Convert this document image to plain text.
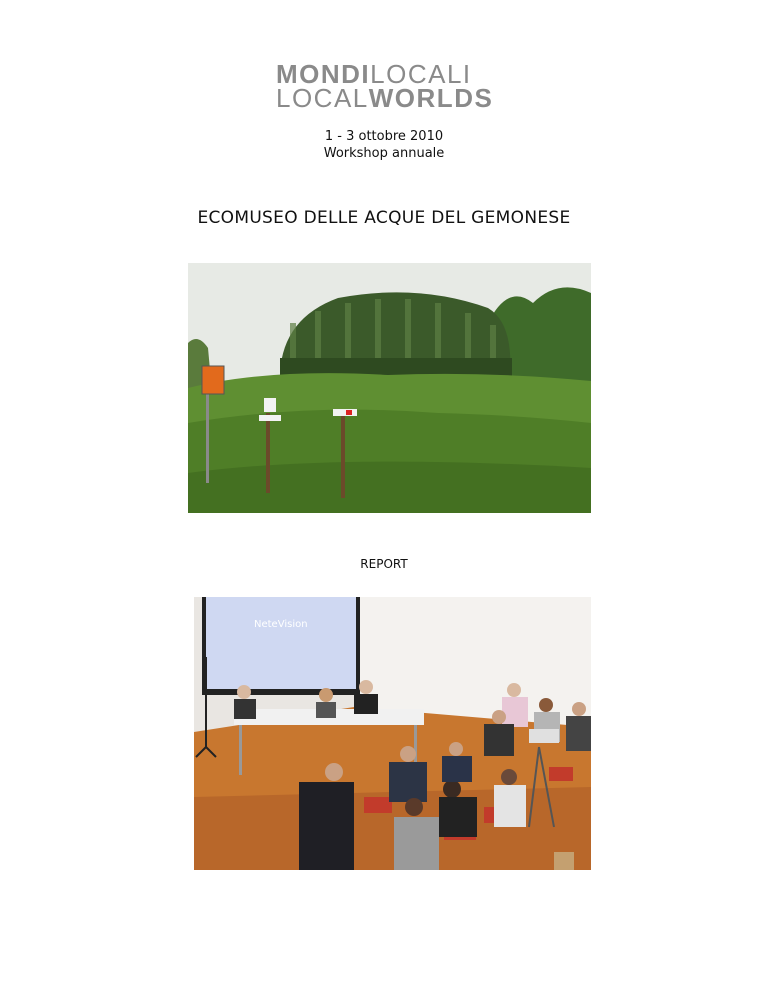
MONDILOCALI
LOCALWORLDS
1 - 3 ottobre 2010
Workshop annuale
ECOMUSEO DELLE ACQUE DEL GEMONESE
REPORT
NeteVision
